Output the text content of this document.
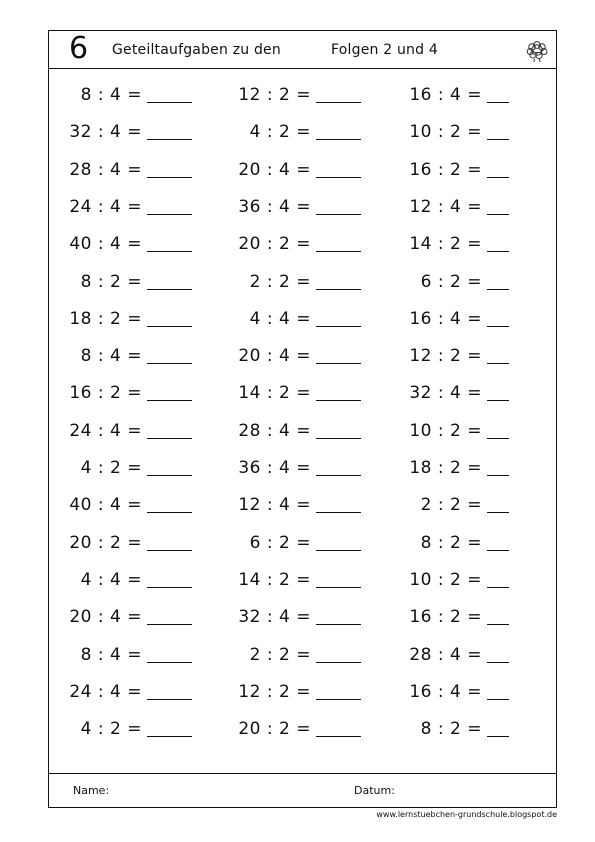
6 Geteiltaufgaben zu den	Folgen 2 und 4
8 : 4 =
32 : 4 =
28 : 4 =
24 : 4 =
40 : 4 =
8 : 2 =
18 : 2 =
8 : 4 =
16 : 2 =
24 : 4 =
4 : 2 =
40 : 4 =
20 : 2 =
4 : 4 =
20 : 4 =
8 : 4 =
24 : 4 =
4 : 2 =
12 : 2 =
4 : 2 =
20 : 4 =
36 : 4 =
20 : 2 =
2 : 2 =
4 : 4 =
20 : 4 =
14 : 2 =
28 : 4 =
36 : 4 =
12 : 4 =
6 : 2 =
14 : 2 =
32 : 4 =
2 : 2 =
12 : 2 =
20 : 2 =
16 : 4 =
10 : 2 =
16 : 2 =
12 : 4 =
14 : 2 =
6 : 2 =
16 : 4 =
12 : 2 =
32 : 4 =
10 : 2 =
18 : 2 =
2 : 2 =
8 : 2 =
10 : 2 =
16 : 2 =
28 : 4 =
16 : 4 =
8 : 2 =
Name:	Datum:
www.lernstuebchen-grundschule.blogspot.de
